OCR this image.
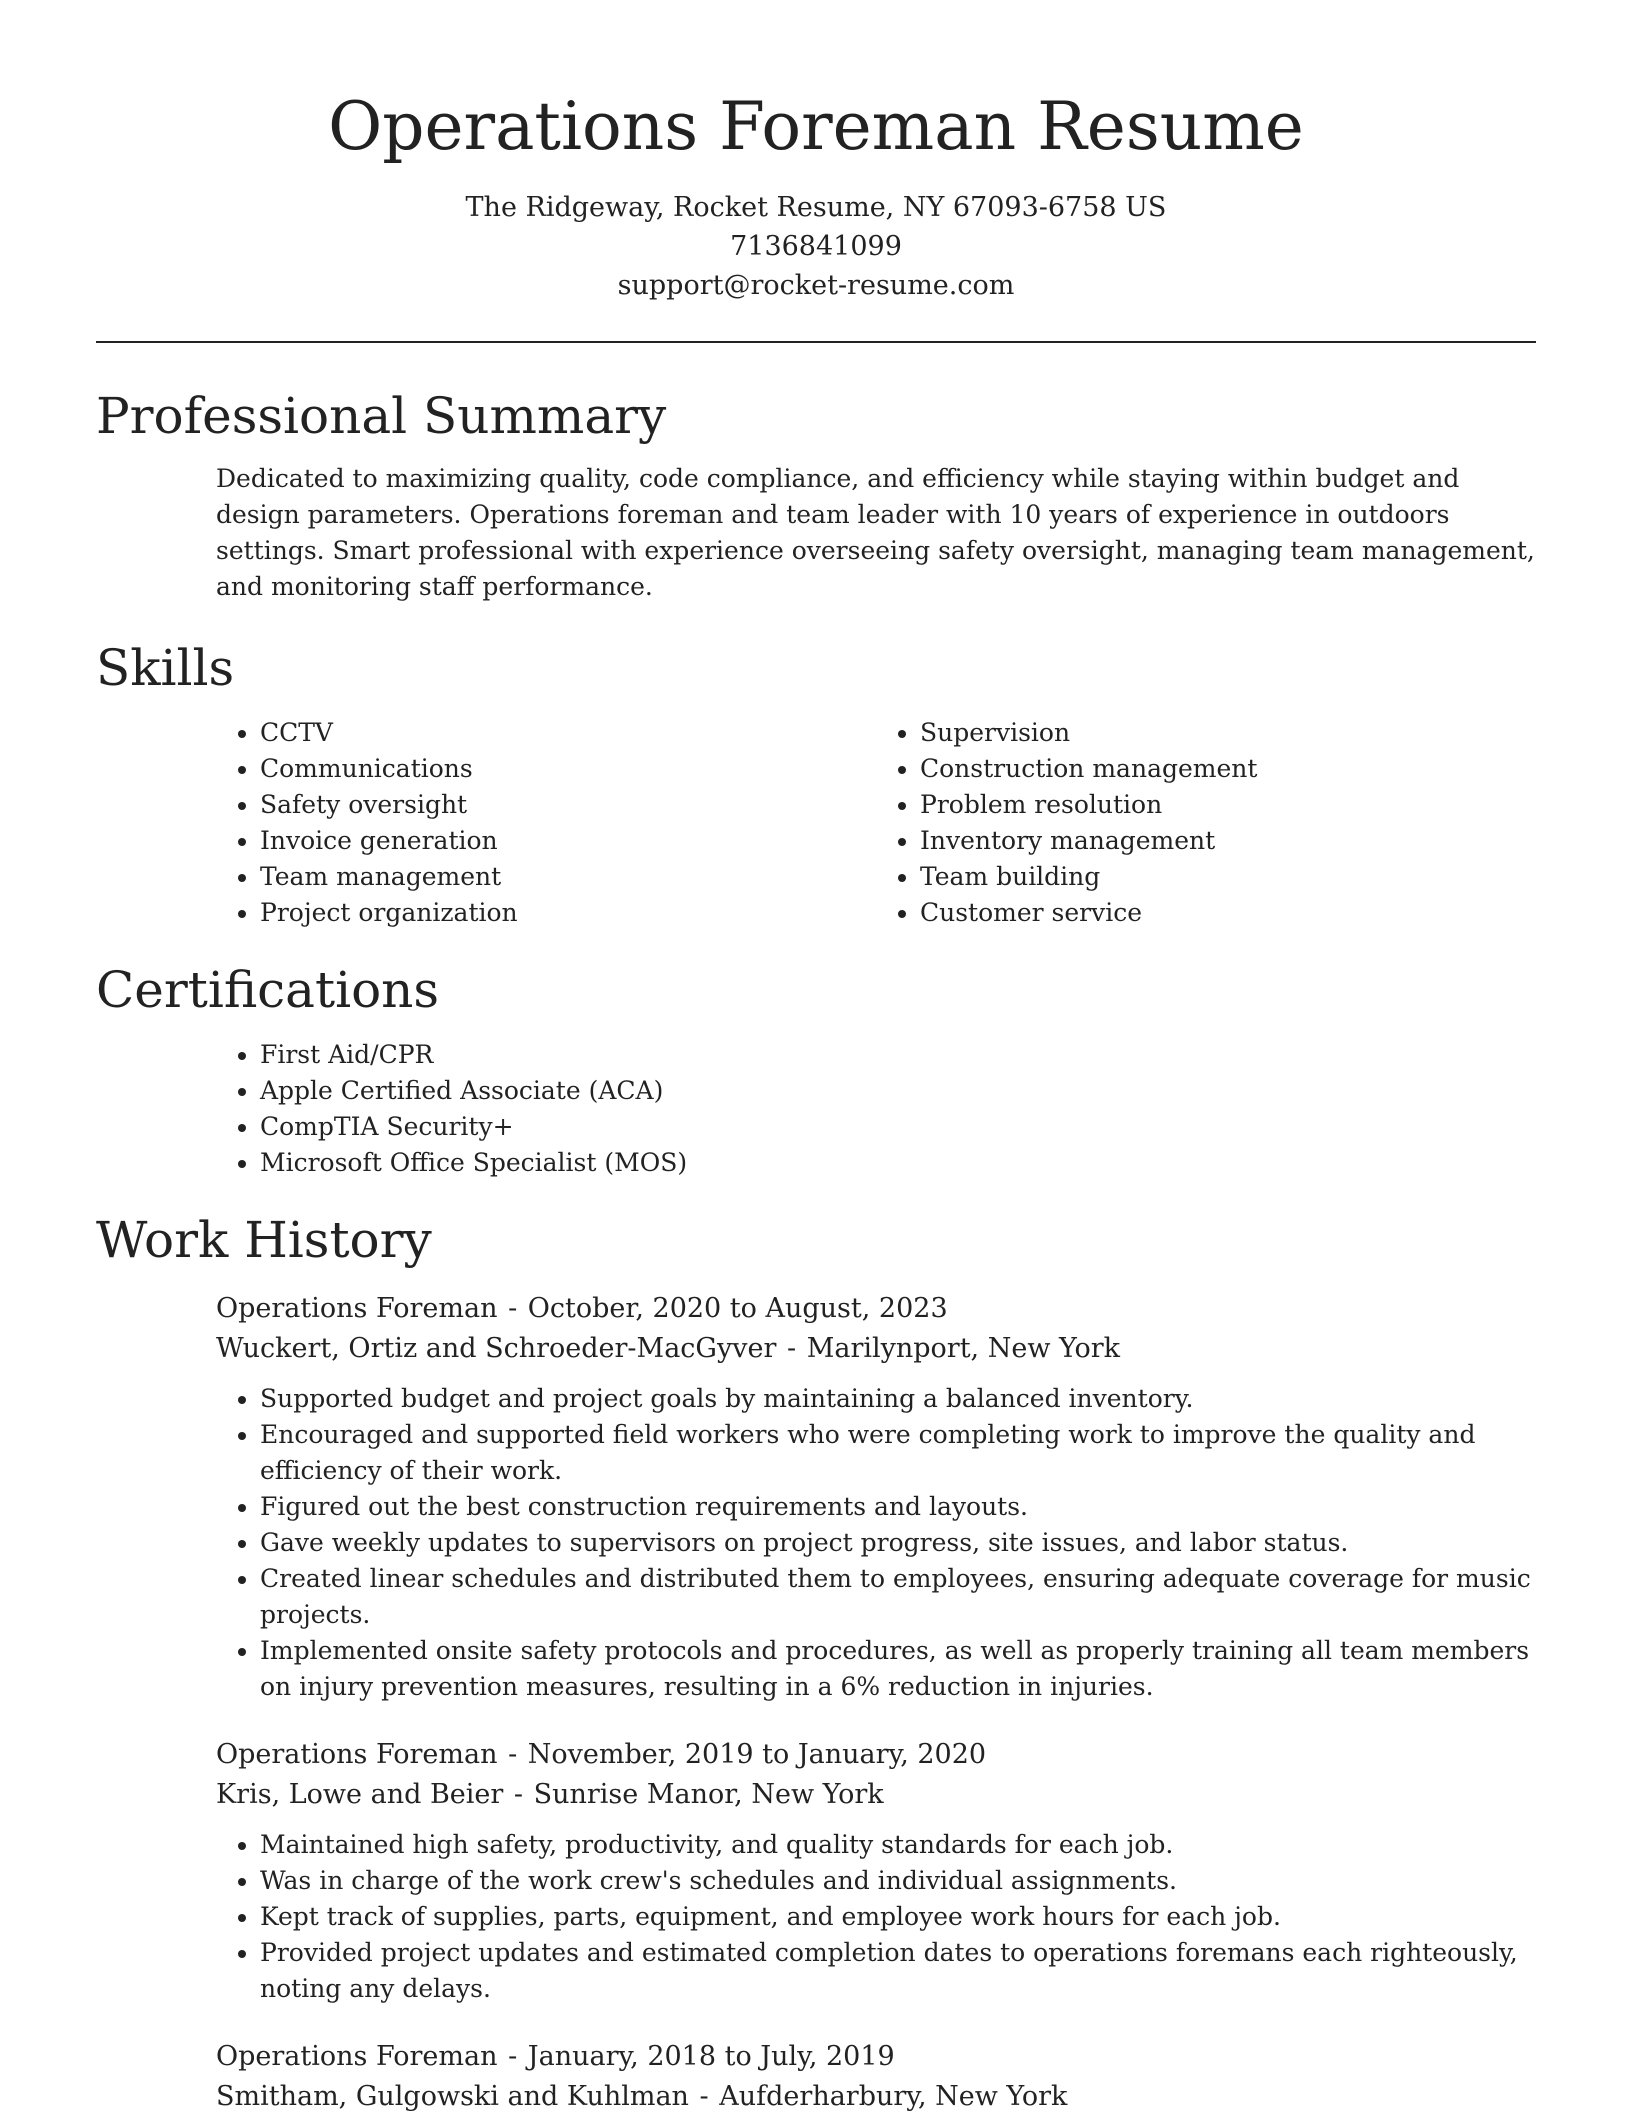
Operations Foreman Resume
The Ridgeway, Rocket Resume, NY 67093-6758 US
7136841099
support@rocket-resume.com
Professional Summary

Dedicated to maximizing quality, code compliance, and efficiency while staying within budget and design parameters. Operations foreman and team leader with 10 years of experience in outdoors settings. Smart professional with experience overseeing safety oversight, managing team management, and monitoring staff performance.

Skills
• CCTV
• Communications
• Safety oversight
• Invoice generation
• Team management
• Project organization
• Supervision
• Construction management
• Problem resolution
• Inventory management
• Team building
• Customer service
Certifications
• First Aid/CPR
• Apple Certified Associate (ACA)
• CompTIA Security+
• Microsoft Office Specialist (MOS)
Work History
Operations Foreman - October, 2020 to August, 2023
Wuckert, Ortiz and Schroeder-MacGyver - Marilynport, New York
• Supported budget and project goals by maintaining a balanced inventory.
• Encouraged and supported field workers who were completing work to improve the quality and efficiency of their work.
• Figured out the best construction requirements and layouts.
• Gave weekly updates to supervisors on project progress, site issues, and labor status.
• Created linear schedules and distributed them to employees, ensuring adequate coverage for music projects.
• Implemented onsite safety protocols and procedures, as well as properly training all team members on injury prevention measures, resulting in a 6% reduction in injuries.
Operations Foreman - November, 2019 to January, 2020
Kris, Lowe and Beier - Sunrise Manor, New York
• Maintained high safety, productivity, and quality standards for each job.
• Was in charge of the work crew's schedules and individual assignments.
• Kept track of supplies, parts, equipment, and employee work hours for each job.
• Provided project updates and estimated completion dates to operations foremans each righteously, noting any delays.
Operations Foreman - January, 2018 to July, 2019
Smitham, Gulgowski and Kuhlman - Aufderharbury, New York
